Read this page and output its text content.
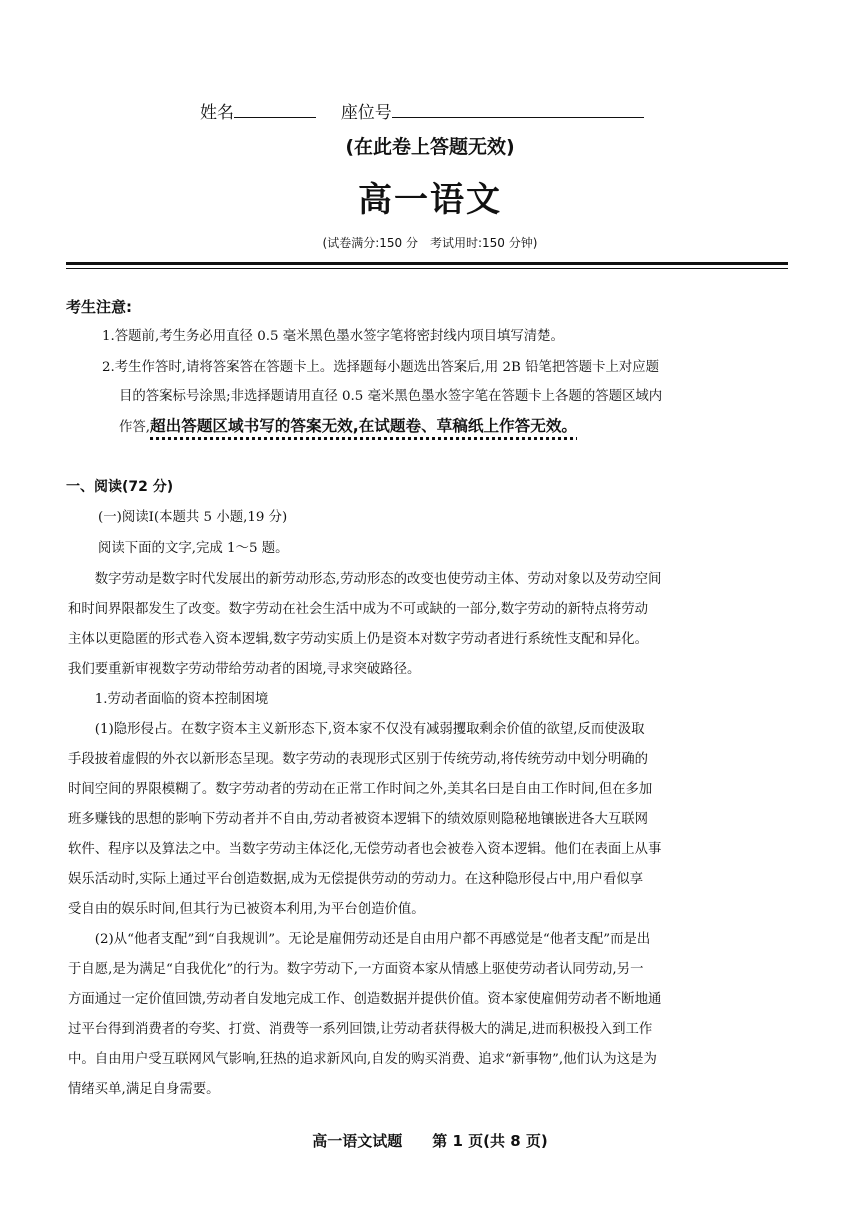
姓名	座位号
(在此卷上答题无效)
高一语文
(试卷满分:150 分　考试用时:150 分钟)
考生注意:
1.答题前,考生务必用直径 0.5 毫米黑色墨水签字笔将密封线内项目填写清楚。
2.考生作答时,请将答案答在答题卡上。选择题每小题选出答案后,用 2B 铅笔把答题卡上对应题
目的答案标号涂黑;非选择题请用直径 0.5 毫米黑色墨水签字笔在答题卡上各题的答题区域内
作答,超出答题区域书写的答案无效,在试题卷、草稿纸上作答无效。
一、阅读(72 分)
(一)阅读Ⅰ(本题共 5 小题,19 分)
阅读下面的文字,完成 1～5 题。
　　数字劳动是数字时代发展出的新劳动形态,劳动形态的改变也使劳动主体、劳动对象以及劳动空间
和时间界限都发生了改变。数字劳动在社会生活中成为不可或缺的一部分,数字劳动的新特点将劳动
主体以更隐匿的形式卷入资本逻辑,数字劳动实质上仍是资本对数字劳动者进行系统性支配和异化。
我们要重新审视数字劳动带给劳动者的困境,寻求突破路径。
　　1.劳动者面临的资本控制困境
　　(1)隐形侵占。在数字资本主义新形态下,资本家不仅没有减弱攫取剩余价值的欲望,反而使汲取
手段披着虚假的外衣以新形态呈现。数字劳动的表现形式区别于传统劳动,将传统劳动中划分明确的
时间空间的界限模糊了。数字劳动者的劳动在正常工作时间之外,美其名曰是自由工作时间,但在多加
班多赚钱的思想的影响下劳动者并不自由,劳动者被资本逻辑下的绩效原则隐秘地镶嵌进各大互联网
软件、程序以及算法之中。当数字劳动主体泛化,无偿劳动者也会被卷入资本逻辑。他们在表面上从事
娱乐活动时,实际上通过平台创造数据,成为无偿提供劳动的劳动力。在这种隐形侵占中,用户看似享
受自由的娱乐时间,但其行为已被资本利用,为平台创造价值。
　　(2)从“他者支配”到“自我规训”。无论是雇佣劳动还是自由用户都不再感觉是“他者支配”而是出
于自愿,是为满足“自我优化”的行为。数字劳动下,一方面资本家从情感上驱使劳动者认同劳动,另一
方面通过一定价值回馈,劳动者自发地完成工作、创造数据并提供价值。资本家使雇佣劳动者不断地通
过平台得到消费者的夸奖、打赏、消费等一系列回馈,让劳动者获得极大的满足,进而积极投入到工作
中。自由用户受互联网风气影响,狂热的追求新风向,自发的购买消费、追求“新事物”,他们认为这是为
情绪买单,满足自身需要。
高一语文试题　　第 1 页(共 8 页)
